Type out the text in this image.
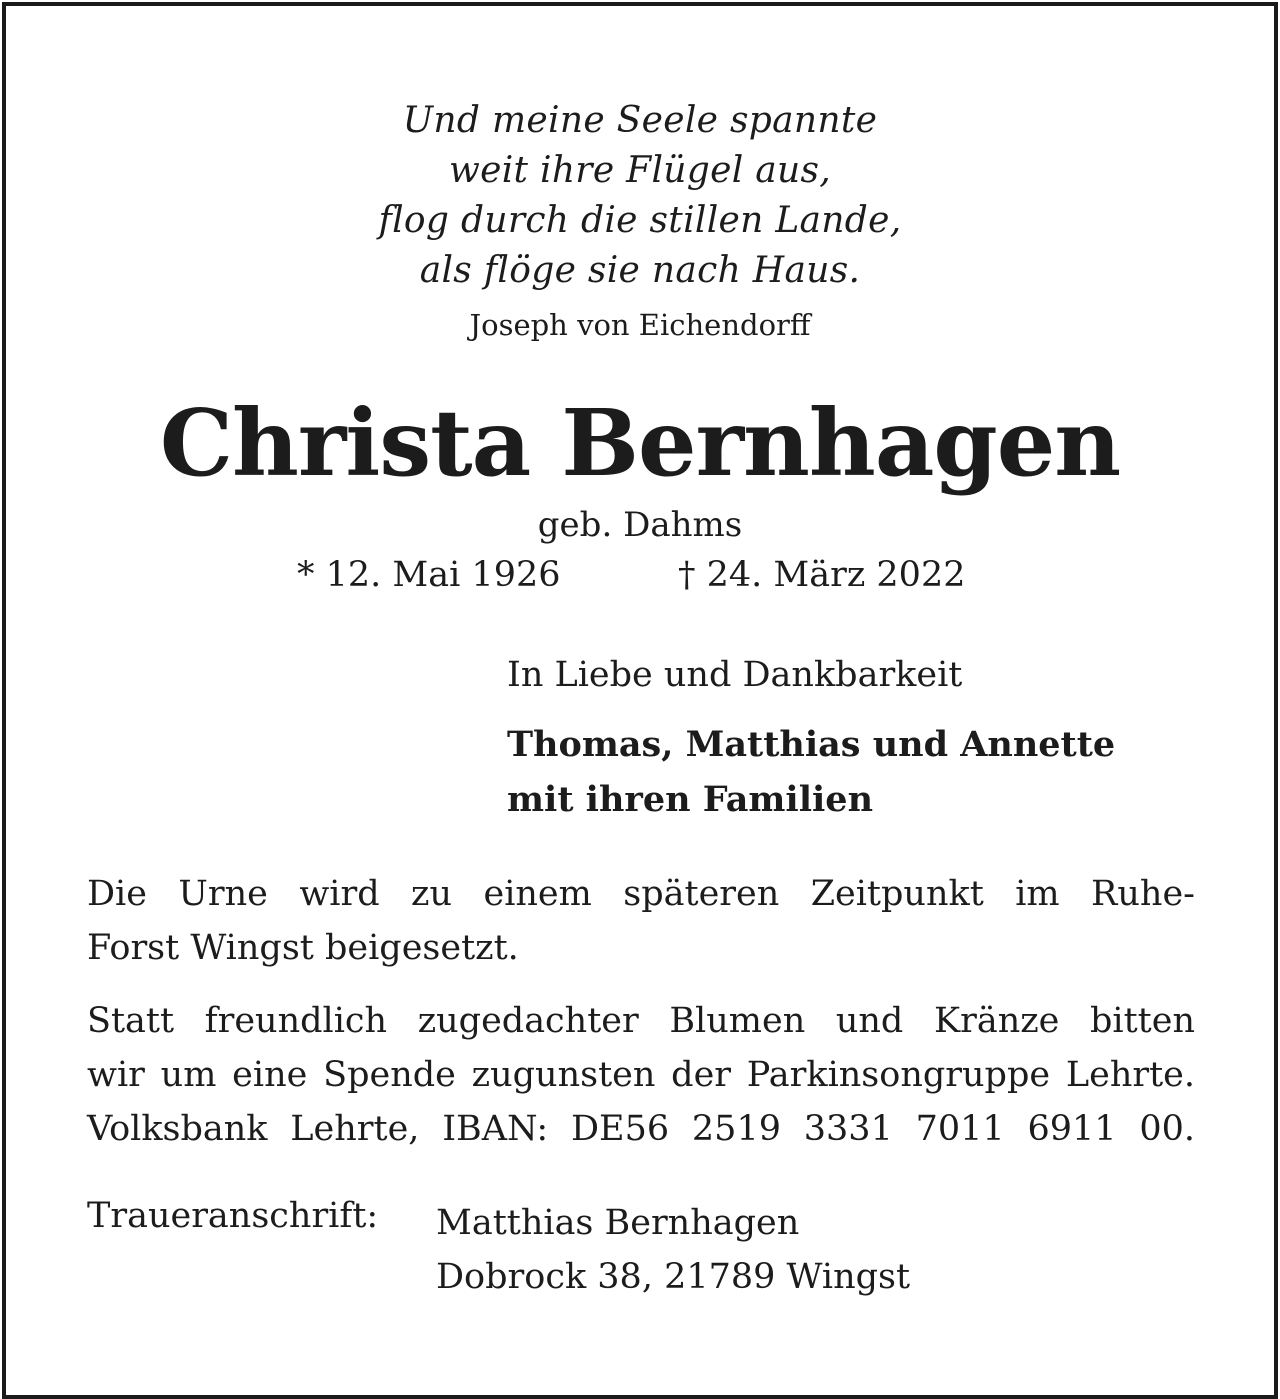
Und meine Seele spannte
weit ihre Flügel aus,
flog durch die stillen Lande,
als flöge sie nach Haus.
Joseph von Eichendorff
Christa Bernhagen
geb. Dahms
* 12. Mai 1926	† 24. März 2022
In Liebe und Dankbarkeit
Thomas, Matthias und Annette
mit ihren Familien
Die Urne wird zu einem späteren Zeitpunkt im Ruhe-
Forst Wingst beigesetzt.
Statt freundlich zugedachter Blumen und Kränze bitten
wir um eine Spende zugunsten der Parkinsongruppe Lehrte.
Volksbank Lehrte, IBAN: DE56 2519 3331 7011 6911 00.
Traueranschrift: Matthias Bernhagen
Dobrock 38, 21789 Wingst
